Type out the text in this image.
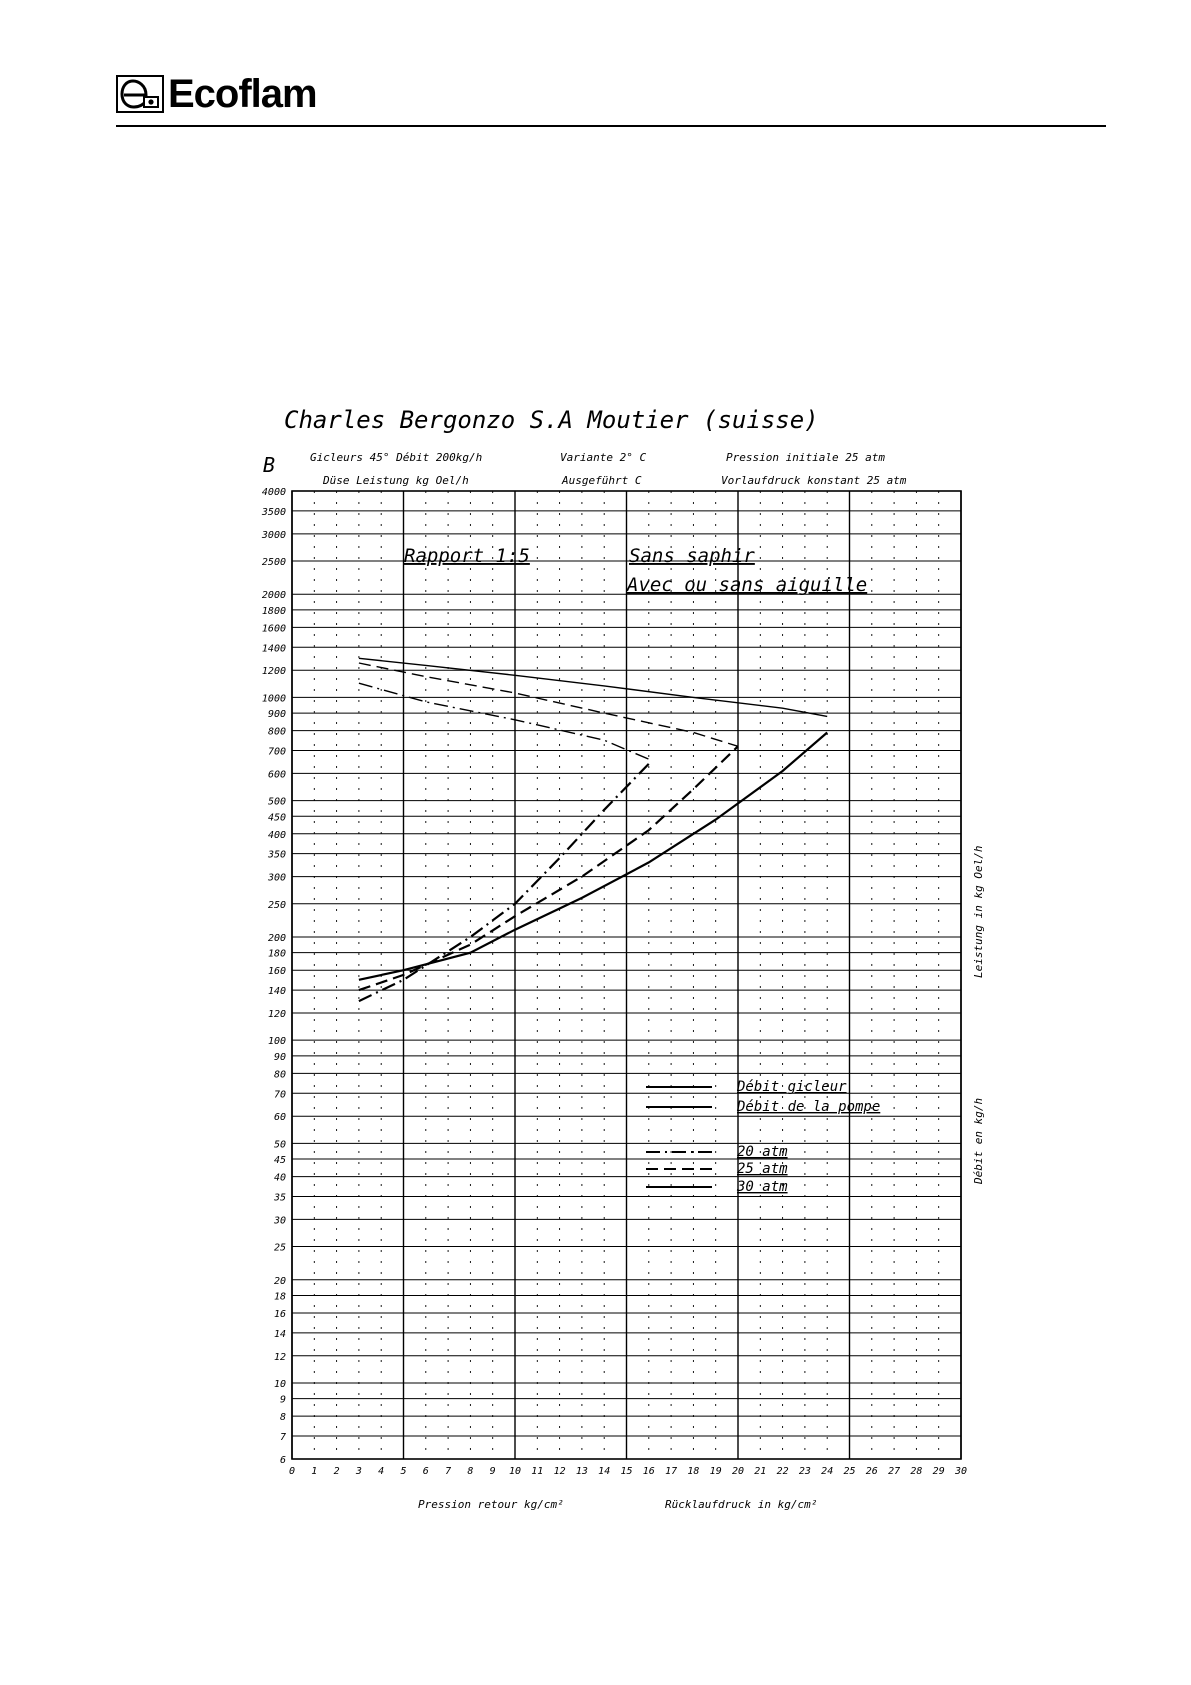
Ecoflam
Charles Bergonzo S.A Moutier (suisse)
B	Gicleurs 45° Débit 200kg/h
Düse Leistung kg Oel/h
Variante 2° C
Ausgeführt C
Pression initiale 25 atm
Vorlaufdruck konstant 25 atm
6
7
8
9
10
12
14
16
18
20
25
30
35
40
45
50
60
70
80
90
100
120
140
160
180
200
250
300
350
400
450
500
600
700
800
900
1000
1200
1400
1600
1800
2000
2500
3000
3500
4000
0 1 2 3 4 5 6 7 8 9 10 11 12 13 14 15 16 17 18 19 20 21 22 23 24 25 26 27 28 29 30
Rapport 1:5	Sans saphir
Avec ou sans aiguille
Débit gicleur
Débit de la pompe
20 atm
25 atm
30 atm
Pression retour kg/cm²	Rücklaufdruck in kg/cm²
Leistung in kg Oel/h
Débit en kg/h
